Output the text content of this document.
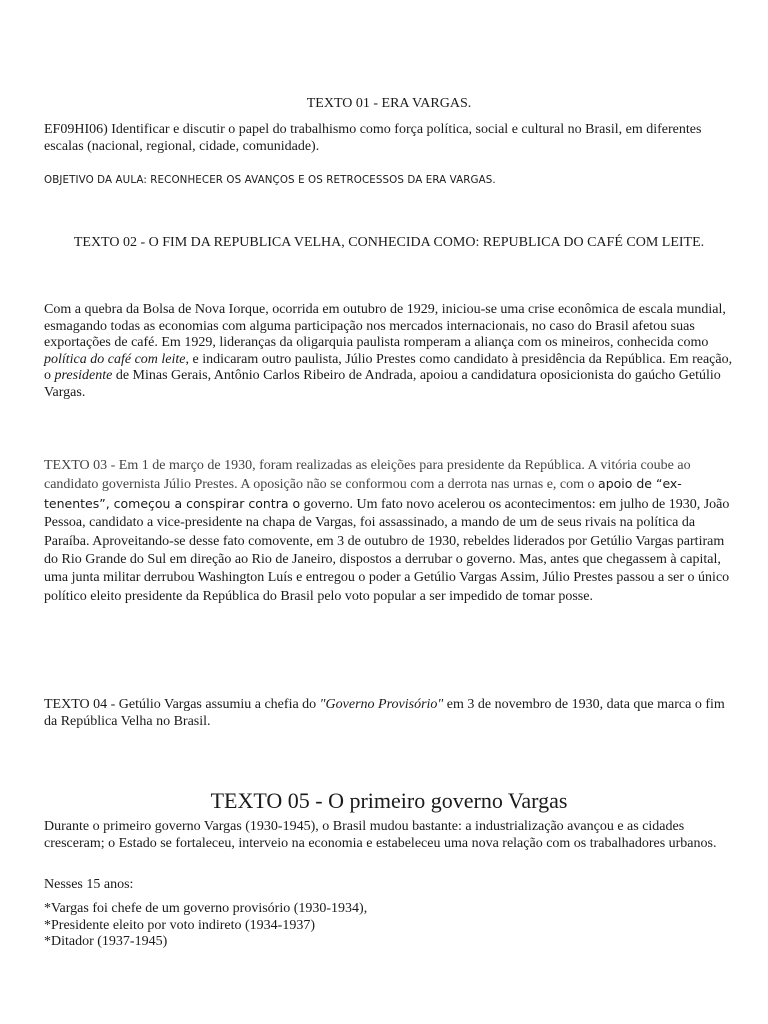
TEXTO 01 - ERA VARGAS.
EF09HI06) Identificar e discutir o papel do trabalhismo como força política, social e cultural no Brasil, em diferentes escalas (nacional, regional, cidade, comunidade).
OBJETIVO DA AULA: RECONHECER OS AVANÇOS E OS RETROCESSOS DA ERA VARGAS.
TEXTO 02 - O FIM DA REPUBLICA VELHA, CONHECIDA COMO: REPUBLICA DO CAFÉ COM LEITE.
Com a quebra da Bolsa de Nova Iorque, ocorrida em outubro de 1929, iniciou-se uma crise econômica de escala mundial, esmagando todas as economias com alguma participação nos mercados internacionais, no caso do Brasil afetou suas exportações de café. Em 1929, lideranças da oligarquia paulista romperam a aliança com os mineiros, conhecida como política do café com leite, e indicaram outro paulista, Júlio Prestes como candidato à presidência da República. Em reação, o presidente de Minas Gerais, Antônio Carlos Ribeiro de Andrada, apoiou a candidatura oposicionista do gaúcho Getúlio Vargas.
TEXTO 03 - Em 1 de março de 1930, foram realizadas as eleições para presidente da República. A vitória coube ao candidato governista Júlio Prestes. A oposição não se conformou com a derrota nas urnas e, com o apoio de “ex-tenentes”, começou a conspirar contra o governo. Um fato novo acelerou os acontecimentos: em julho de 1930, João Pessoa, candidato a vice-presidente na chapa de Vargas, foi assassinado, a mando de um de seus rivais na política da Paraíba. Aproveitando-se desse fato comovente, em 3 de outubro de 1930, rebeldes liderados por Getúlio Vargas partiram do Rio Grande do Sul em direção ao Rio de Janeiro, dispostos a derrubar o governo. Mas, antes que chegassem à capital, uma junta militar derrubou Washington Luís e entregou o poder a Getúlio Vargas Assim, Júlio Prestes passou a ser o único político eleito presidente da República do Brasil pelo voto popular a ser impedido de tomar posse.
TEXTO 04 - Getúlio Vargas assumiu a chefia do "Governo Provisório" em 3 de novembro de 1930, data que marca o fim da República Velha no Brasil.
TEXTO 05 - O primeiro governo Vargas
Durante o primeiro governo Vargas (1930-1945), o Brasil mudou bastante: a industrialização avançou e as cidades cresceram; o Estado se fortaleceu, interveio na economia e estabeleceu uma nova relação com os trabalhadores urbanos.
Nesses 15 anos:
*Vargas foi chefe de um governo provisório (1930-1934),
*Presidente eleito por voto indireto (1934-1937)
*Ditador (1937-1945)
